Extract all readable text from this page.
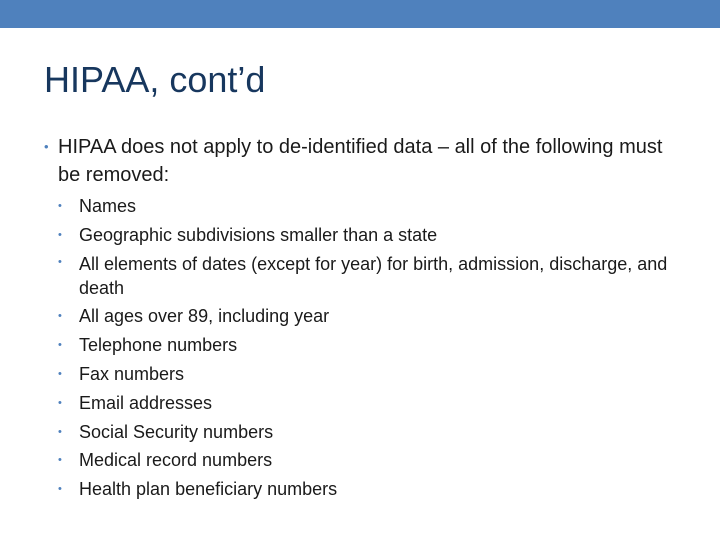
HIPAA, cont’d
• HIPAA does not apply to de-identified data – all of the following must be removed:
• Names
• Geographic subdivisions smaller than a state
• All elements of dates (except for year) for birth, admission, discharge, and death
• All ages over 89, including year
• Telephone numbers
• Fax numbers
• Email addresses
• Social Security numbers
• Medical record numbers
• Health plan beneficiary numbers
